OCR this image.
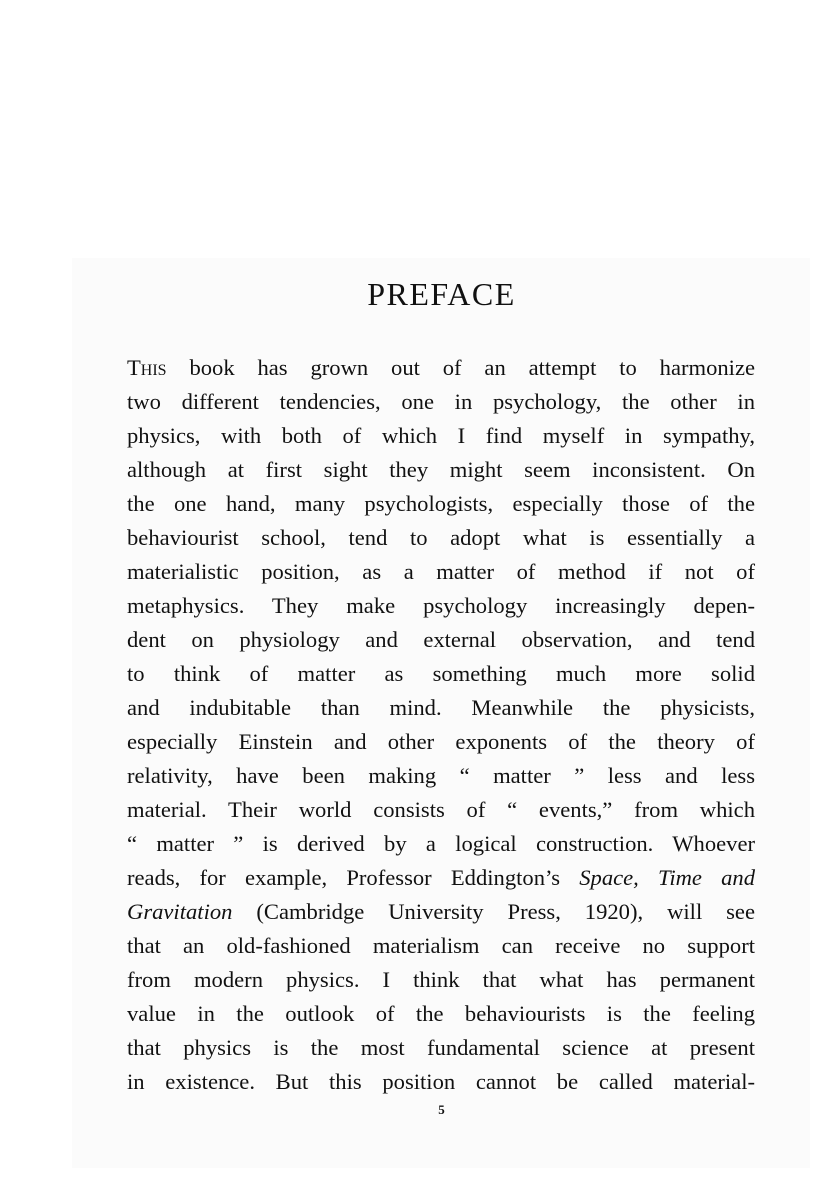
PREFACE
This book has grown out of an attempt to harmonize
two different tendencies, one in psychology, the other in
physics, with both of which I find myself in sympathy,
although at first sight they might seem inconsistent. On
the one hand, many psychologists, especially those of the
behaviourist school, tend to adopt what is essentially a
materialistic position, as a matter of method if not of
metaphysics. They make psychology increasingly depen-
dent on physiology and external observation, and tend
to think of matter as something much more solid
and indubitable than mind. Meanwhile the physicists,
especially Einstein and other exponents of the theory of
relativity, have been making “ matter ” less and less
material. Their world consists of “ events,” from which
“ matter ” is derived by a logical construction. Whoever
reads, for example, Professor Eddington’s Space, Time and
Gravitation (Cambridge University Press, 1920), will see
that an old-fashioned materialism can receive no support
from modern physics. I think that what has permanent
value in the outlook of the behaviourists is the feeling
that physics is the most fundamental science at present
in existence. But this position cannot be called material-
5
